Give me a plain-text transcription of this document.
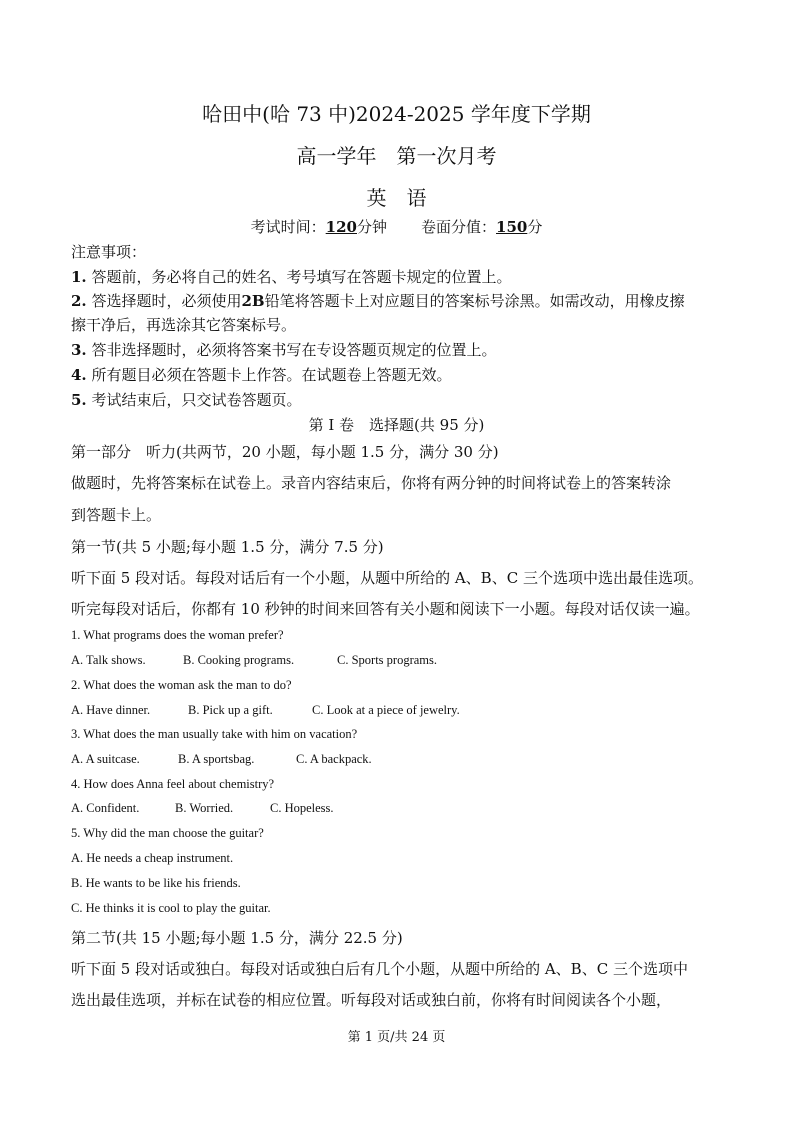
哈田中(哈 73 中)2024-2025 学年度下学期
高一学年　第一次月考
英　语
考试时间：120分钟 卷面分值：150分
注意事项：
1. 答题前，务必将自己的姓名、考号填写在答题卡规定的位置上。
2. 答选择题时，必须使用2B铅笔将答题卡上对应题目的答案标号涂黑。如需改动，用橡皮擦
擦干净后，再选涂其它答案标号。
3. 答非选择题时，必须将答案书写在专设答题页规定的位置上。
4. 所有题目必须在答题卡上作答。在试题卷上答题无效。
5. 考试结束后，只交试卷答题页。
第 I 卷　选择题(共 95 分)
第一部分　听力(共两节，20 小题，每小题 1.5 分，满分 30 分)
做题时，先将答案标在试卷上。录音内容结束后，你将有两分钟的时间将试卷上的答案转涂
到答题卡上。
第一节(共 5 小题;每小题 1.5 分，满分 7.5 分)
听下面 5 段对话。每段对话后有一个小题，从题中所给的 A、B、C 三个选项中选出最佳选项。
听完每段对话后，你都有 10 秒钟的时间来回答有关小题和阅读下一小题。每段对话仅读一遍。
1. What programs does the woman prefer?
A. Talk shows.	B. Cooking programs.	C. Sports programs.
2. What does the woman ask the man to do?
A. Have dinner.	B. Pick up a gift.	C. Look at a piece of jewelry.
3. What does the man usually take with him on vacation?
A. A suitcase.	B. A sportsbag.	C. A backpack.
4. How does Anna feel about chemistry?
A. Confident.	B. Worried.	C. Hopeless.
5. Why did the man choose the guitar?
A. He needs a cheap instrument.
B. He wants to be like his friends.
C. He thinks it is cool to play the guitar.
第二节(共 15 小题;每小题 1.5 分，满分 22.5 分)
听下面 5 段对话或独白。每段对话或独白后有几个小题，从题中所给的 A、B、C 三个选项中
选出最佳选项，并标在试卷的相应位置。听每段对话或独白前，你将有时间阅读各个小题，
第 1 页/共 24 页
